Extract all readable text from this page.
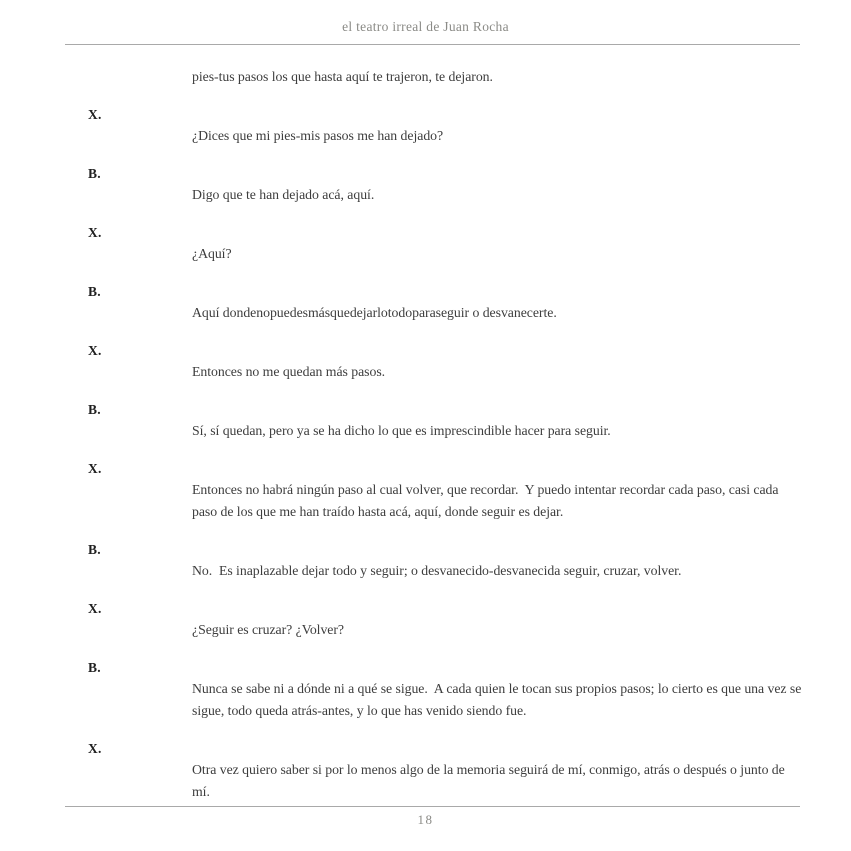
el teatro irreal de Juan Rocha

pies-tus pasos los que hasta aquí te trajeron, te dejaron.

X.

¿Dices que mi pies-mis pasos me han dejado?

B.

Digo que te han dejado acá, aquí.

X.

¿Aquí?

B.

Aquí dondenopuedesmásquedejarlotodoparaseguir o desvanecerte.

X.

Entonces no me quedan más pasos.

B.

Sí, sí quedan, pero ya se ha dicho lo que es imprescindible hacer para seguir.

X.

Entonces no habrá ningún paso al cual volver, que recordar.  Y puedo intentar recordar cada paso, casi cada paso de los que me han traído hasta acá, aquí, donde seguir es dejar.

B.

No.  Es inaplazable dejar todo y seguir; o desvanecido-desvanecida seguir, cruzar, volver.

X.

¿Seguir es cruzar? ¿Volver?

B.

Nunca se sabe ni a dónde ni a qué se sigue.  A cada quien le tocan sus propios pasos; lo cierto es que una vez se sigue, todo queda atrás-antes, y lo que has venido siendo fue.

X.

Otra vez quiero saber si por lo menos algo de la memoria seguirá de mí, conmigo, atrás o después o junto de mí.

18
